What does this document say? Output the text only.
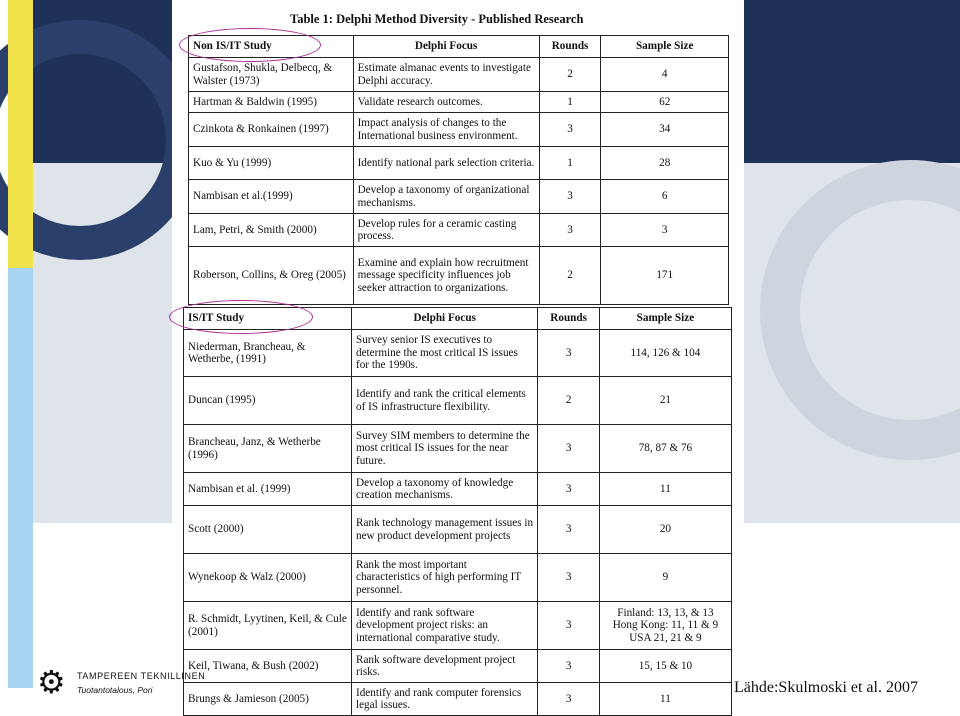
Table 1: Delphi Method Diversity - Published Research
Non IS/IT Study	Delphi Focus	Rounds	Sample Size
Gustafson, Shukla, Delbecq, & Walster (1973)	Estimate almanac events to investigate Delphi accuracy.	2	4
Hartman & Baldwin (1995)	Validate research outcomes.	1	62
Czinkota & Ronkainen (1997)	Impact analysis of changes to the International business environment.	3	34
Kuo & Yu (1999)	Identify national park selection criteria.	1	28
Nambisan et al.(1999)	Develop a taxonomy of organizational mechanisms.	3	6
Lam, Petri, & Smith (2000)	Develop rules for a ceramic casting process.	3	3
Roberson, Collins, & Oreg (2005)	Examine and explain how recruitment message specificity influences job seeker attraction to organizations.	2	171
IS/IT Study	Delphi Focus	Rounds	Sample Size
Niederman, Brancheau, & Wetherbe, (1991)	Survey senior IS executives to determine the most critical IS issues for the 1990s.	3	114, 126 & 104
Duncan (1995)	Identify and rank the critical elements of IS infrastructure flexibility.	2	21
Brancheau, Janz, & Wetherbe (1996)	Survey SIM members to determine the most critical IS issues for the near future.	3	78, 87 & 76
Nambisan et al. (1999)	Develop a taxonomy of knowledge creation mechanisms.	3	11
Scott (2000)	Rank technology management issues in new product development projects	3	20
Wynekoop & Walz (2000)	Rank the most important characteristics of high performing IT personnel.	3	9
R. Schmidt, Lyytinen, Keil, & Cule (2001)	Identify and rank software development project risks: an international comparative study.	3	Finland: 13, 13, & 13
Hong Kong: 11, 11 & 9
USA 21, 21 & 9
Keil, Tiwana, & Bush (2002)	Rank software development project risks.	3	15, 15 & 10
Brungs & Jamieson (2005)	Identify and rank computer forensics legal issues.	3	11
⚙ TAMPEREEN TEKNILLINEN
Tuotantotalous, Pori	Lähde:Skulmoski et al. 2007
